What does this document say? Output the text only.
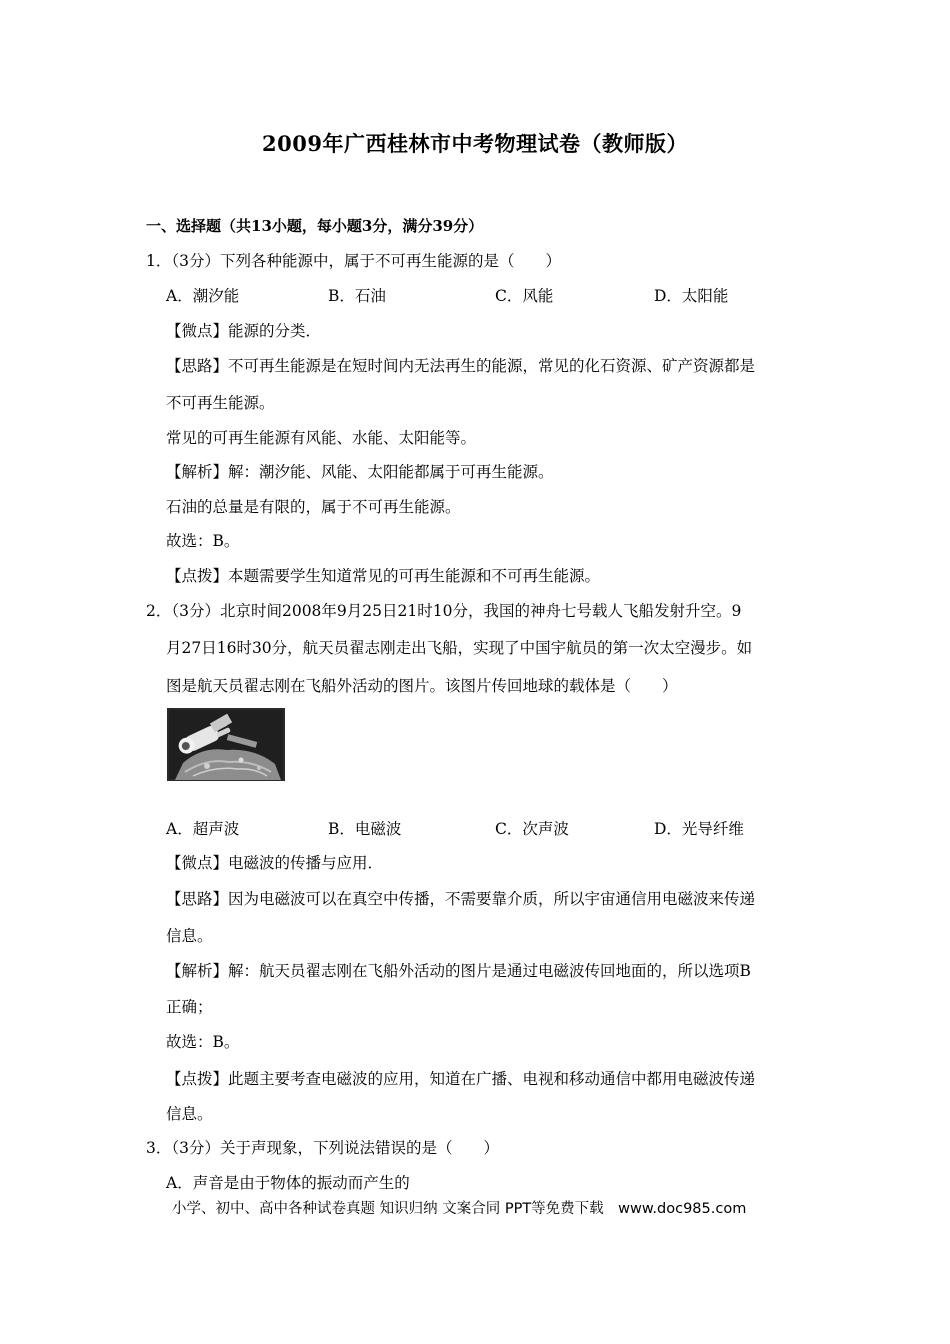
2009年广西桂林市中考物理试卷（教师版）
一、选择题（共13小题，每小题3分，满分39分）
1．（3分）下列各种能源中，属于不可再生能源的是（　　）
A．潮汐能	B．石油	C．风能	D．太阳能
【微点】能源的分类．
【思路】不可再生能源是在短时间内无法再生的能源，常见的化石资源、矿产资源都是
不可再生能源。
常见的可再生能源有风能、水能、太阳能等。
【解析】解：潮汐能、风能、太阳能都属于可再生能源。
石油的总量是有限的，属于不可再生能源。
故选：B。
【点拨】本题需要学生知道常见的可再生能源和不可再生能源。
2．（3分）北京时间2008年9月25日21时10分，我国的神舟七号载人飞船发射升空。9
月27日16时30分，航天员翟志刚走出飞船，实现了中国宇航员的第一次太空漫步。如
图是航天员翟志刚在飞船外活动的图片。该图片传回地球的载体是（　　）
A．超声波	B．电磁波	C．次声波	D．光导纤维
【微点】电磁波的传播与应用．
【思路】因为电磁波可以在真空中传播，不需要靠介质，所以宇宙通信用电磁波来传递
信息。
【解析】解：航天员翟志刚在飞船外活动的图片是通过电磁波传回地面的，所以选项B
正确；
故选：B。
【点拨】此题主要考查电磁波的应用，知道在广播、电视和移动通信中都用电磁波传递
信息。
3．（3分）关于声现象，下列说法错误的是（　　）
A．声音是由于物体的振动而产生的
小学、初中、高中各种试卷真题 知识归纳 文案合同 PPT等免费下载　www.doc985.com
